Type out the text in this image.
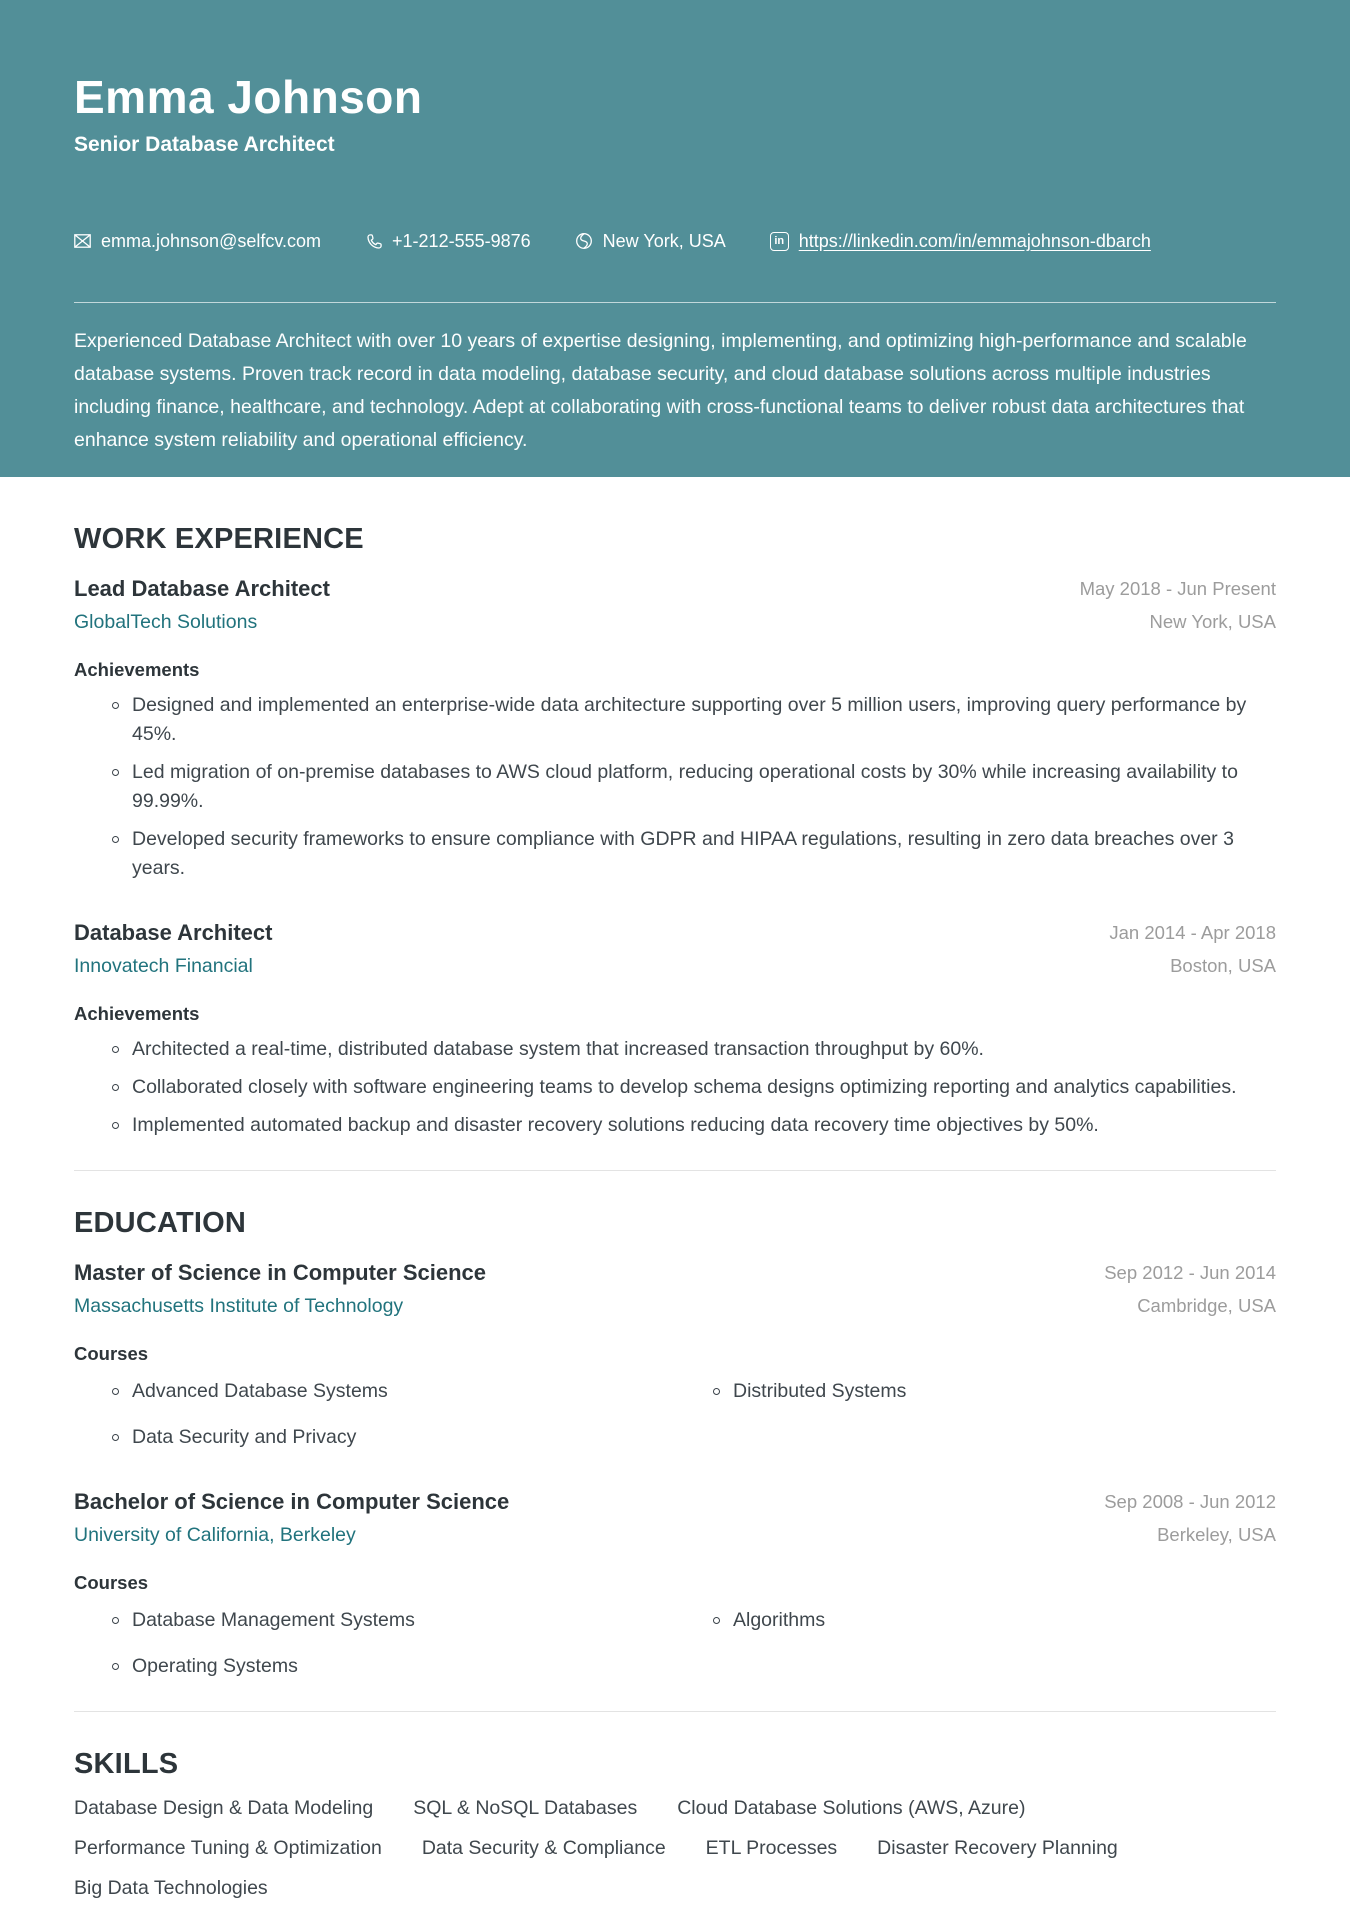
Emma Johnson
Senior Database Architect
emma.johnson@selfcv.com	+1-212-555-9876	New York, USA	in https://linkedin.com/in/emmajohnson-dbarch
Experienced Database Architect with over 10 years of expertise designing, implementing, and optimizing high-performance and scalable database systems. Proven track record in data modeling, database security, and cloud database solutions across multiple industries including finance, healthcare, and technology. Adept at collaborating with cross-functional teams to deliver robust data architectures that enhance system reliability and operational efficiency.
WORK EXPERIENCE
Lead Database Architect
GlobalTech Solutions
May 2018 - Jun Present
New York, USA
Achievements
Designed and implemented an enterprise-wide data architecture supporting over 5 million users, improving query performance by 45%.
Led migration of on-premise databases to AWS cloud platform, reducing operational costs by 30% while increasing availability to 99.99%.
Developed security frameworks to ensure compliance with GDPR and HIPAA regulations, resulting in zero data breaches over 3 years.
Database Architect
Innovatech Financial
Jan 2014 - Apr 2018
Boston, USA
Achievements
Architected a real-time, distributed database system that increased transaction throughput by 60%.
Collaborated closely with software engineering teams to develop schema designs optimizing reporting and analytics capabilities.
Implemented automated backup and disaster recovery solutions reducing data recovery time objectives by 50%.
EDUCATION
Master of Science in Computer Science
Massachusetts Institute of Technology
Sep 2012 - Jun 2014
Cambridge, USA
Courses
Advanced Database Systems	Distributed Systems
Data Security and Privacy
Bachelor of Science in Computer Science
University of California, Berkeley
Sep 2008 - Jun 2012
Berkeley, USA
Courses
Database Management Systems	Algorithms
Operating Systems
SKILLS
Database Design & Data Modeling SQL & NoSQL Databases Cloud Database Solutions (AWS, Azure)
Performance Tuning & Optimization Data Security & Compliance ETL Processes Disaster Recovery Planning
Big Data Technologies
